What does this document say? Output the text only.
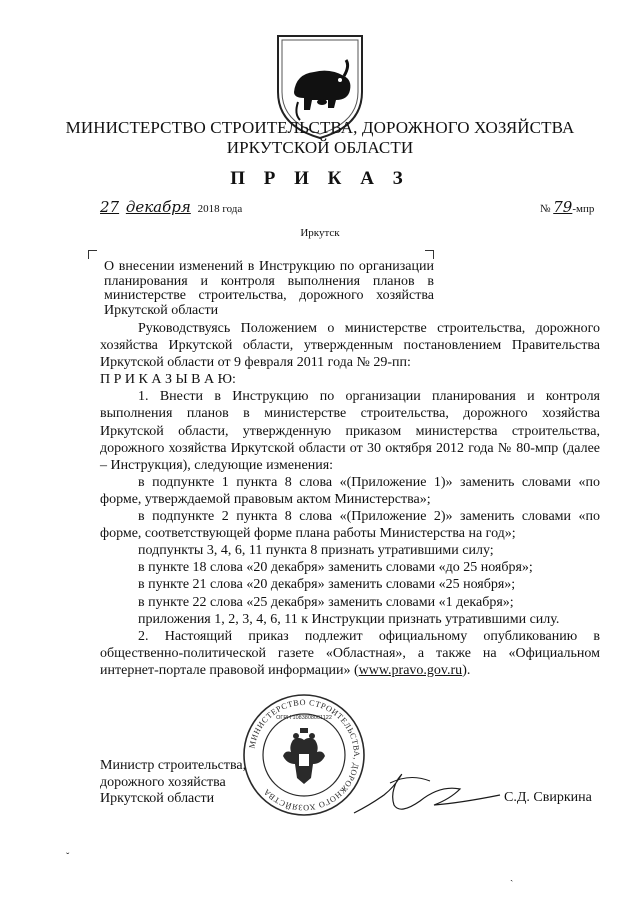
МИНИСТЕРСТВО СТРОИТЕЛЬСТВА, ДОРОЖНОГО ХОЗЯЙСТВА
ИРКУТСКОЙ ОБЛАСТИ
П Р И К А З
27 декабря 2018 года	№ 79-мпр
Иркутск
О внесении изменений в Инструкцию по организации планирования и контроля выполнения планов в министерстве строительства, дорожного хозяйства Иркутской области

Руководствуясь Положением о министерстве строительства, дорожного хозяйства Иркутской области, утвержденным постановлением Правительства Иркутской области от 9 февраля 2011 года № 29-пп:

П Р И К А З Ы В А Ю:

1. Внести в Инструкцию по организации планирования и контроля выполнения планов в министерстве строительства, дорожного хозяйства Иркутской области, утвержденную приказом министерства строительства, дорожного хозяйства Иркутской области от 30 октября 2012 года № 80-мпр (далее – Инструкция), следующие изменения:

в подпункте 1 пункта 8 слова «(Приложение 1)» заменить словами «по форме, утверждаемой правовым актом Министерства»;

в подпункте 2 пункта 8 слова «(Приложение 2)» заменить словами «по форме, соответствующей форме плана работы Министерства на год»;

подпункты 3, 4, 6, 11 пункта 8 признать утратившими силу;

в пункте 18 слова «20 декабря» заменить словами «до 25 ноября»;

в пункте 21 слова «20 декабря» заменить словами «25 ноября»;

в пункте 22 слова «25 декабря» заменить словами «1 декабря»;

приложения 1, 2, 3, 4, 6, 11 к Инструкции признать утратившими силу.

2. Настоящий приказ подлежит официальному опубликованию в общественно-политической газете «Областная», а также на «Официальном интернет-портале правовой информации» (www.pravo.gov.ru).

МИНИСТЕРСТВО СТРОИТЕЛЬСТВА, ДОРОЖНОГО ХОЗЯЙСТВА
ОГРН 1083808001122
Министр строительства,
дорожного хозяйства
Иркутской области	С.Д. Свиркина
ˇ
ˏ
